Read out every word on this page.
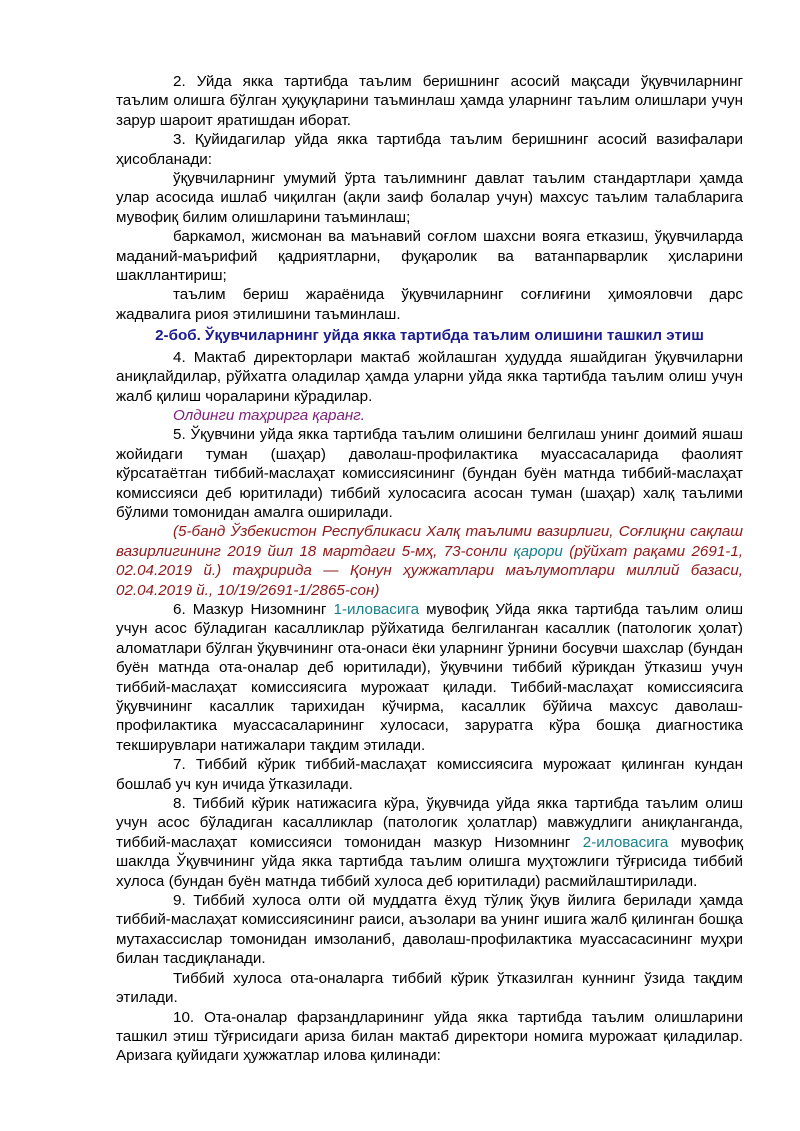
2. Уйда якка тартибда таълим беришнинг асосий мақсади ўқувчиларнинг таълим олишга бўлган ҳуқуқларини таъминлаш ҳамда уларнинг таълим олишлари учун зарур шароит яратишдан иборат.

3. Қуйидагилар уйда якка тартибда таълим беришнинг асосий вазифалари ҳисобланади:

ўқувчиларнинг умумий ўрта таълимнинг давлат таълим стандартлари ҳамда улар асосида ишлаб чиқилган (ақли заиф болалар учун) махсус таълим талабларига мувофиқ билим олишларини таъминлаш;

баркамол, жисмонан ва маънавий соғлом шахсни вояга етказиш, ўқувчиларда маданий-маърифий қадриятларни, фуқаролик ва ватанпарварлик ҳисларини шакллантириш;

таълим бериш жараёнида ўқувчиларнинг соғлиғини ҳимояловчи дарс жадвалига риоя этилишини таъминлаш.

2-боб. Ўқувчиларнинг уйда якка тартибда таълим олишини ташкил этиш

4. Мактаб директорлари мактаб жойлашган ҳудудда яшайдиган ўқувчиларни аниқлайдилар, рўйхатга оладилар ҳамда уларни уйда якка тартибда таълим олиш учун жалб қилиш чораларини кўрадилар.

Олдинги таҳрирга қаранг.

5. Ўқувчини уйда якка тартибда таълим олишини белгилаш унинг доимий яшаш жойидаги туман (шаҳар) даволаш-профилактика муассасаларида фаолият кўрсатаётган тиббий-маслаҳат комиссиясининг (бундан буён матнда тиббий-маслаҳат комиссияси деб юритилади) тиббий хулосасига асосан туман (шаҳар) халқ таълими бўлими томонидан амалга оширилади.

(5-банд Ўзбекистон Республикаси Халқ таълими вазирлиги, Соғлиқни сақлаш вазирлигининг 2019 йил 18 мартдаги 5-мҳ, 73-сонли қарори (рўйхат рақами 2691-1, 02.04.2019 й.) таҳририда — Қонун ҳужжатлари маълумотлари миллий базаси, 02.04.2019 й., 10/19/2691-1/2865-сон)

6. Мазкур Низомнинг 1-иловасига мувофиқ Уйда якка тартибда таълим олиш учун асос бўладиган касалликлар рўйхатида белгиланган касаллик (патологик ҳолат) аломатлари бўлган ўқувчининг ота-онаси ёки уларнинг ўрнини босувчи шахслар (бундан буён матнда ота-оналар деб юритилади), ўқувчини тиббий кўрикдан ўтказиш учун тиббий-маслаҳат комиссиясига мурожаат қилади. Тиббий-маслаҳат комиссиясига ўқувчининг касаллик тарихидан кўчирма, касаллик бўйича махсус даволаш-профилактика муассасаларининг хулосаси, заруратга кўра бошқа диагностика текширувлари натижалари тақдим этилади.

7. Тиббий кўрик тиббий-маслаҳат комиссиясига мурожаат қилинган кундан бошлаб уч кун ичида ўтказилади.

8. Тиббий кўрик натижасига кўра, ўқувчида уйда якка тартибда таълим олиш учун асос бўладиган касалликлар (патологик ҳолатлар) мавжудлиги аниқланганда, тиббий-маслаҳат комиссияси томонидан мазкур Низомнинг 2-иловасига мувофиқ шаклда Ўқувчининг уйда якка тартибда таълим олишга муҳтожлиги тўғрисида тиббий хулоса (бундан буён матнда тиббий хулоса деб юритилади) расмийлаштирилади.

9. Тиббий хулоса олти ой муддатга ёхуд тўлиқ ўқув йилига берилади ҳамда тиббий-маслаҳат комиссиясининг раиси, аъзолари ва унинг ишига жалб қилинган бошқа мутахассислар томонидан имзоланиб, даволаш-профилактика муассасасининг муҳри билан тасдиқланади.

Тиббий хулоса ота-оналарга тиббий кўрик ўтказилган куннинг ўзида тақдим этилади.

10. Ота-оналар фарзандларининг уйда якка тартибда таълим олишларини ташкил этиш тўғрисидаги ариза билан мактаб директори номига мурожаат қиладилар. Аризага қуйидаги ҳужжатлар илова қилинади:
